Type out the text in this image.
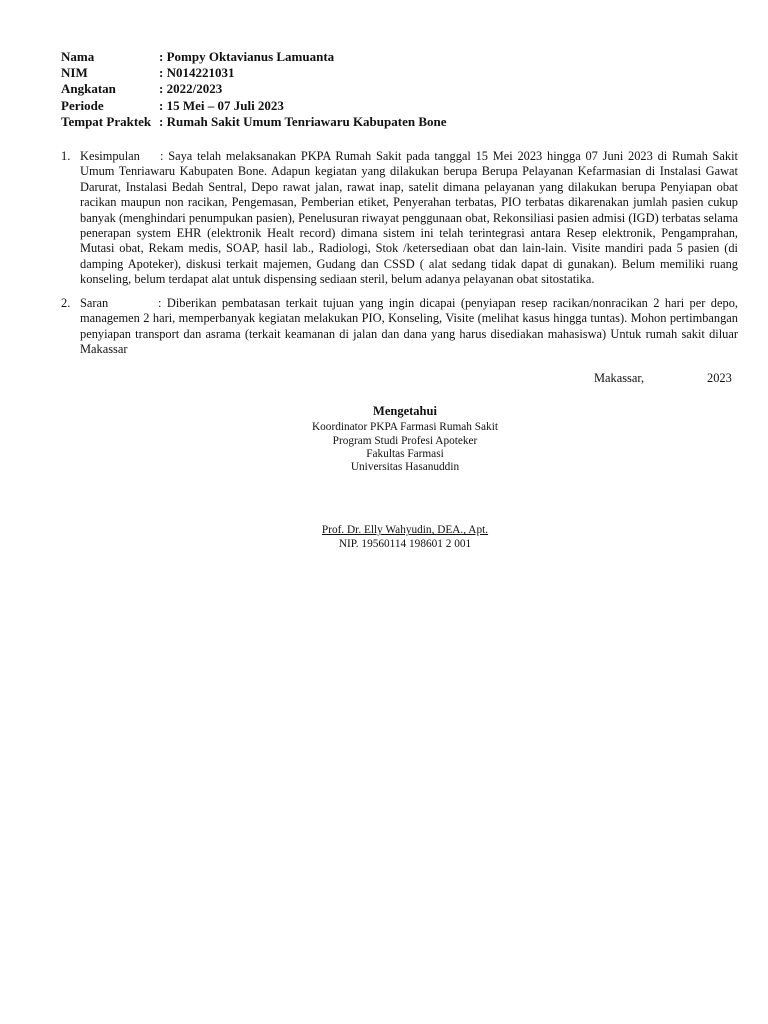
Nama	: Pompy Oktavianus Lamuanta
NIM	: N014221031
Angkatan	: 2022/2023
Periode	: 15 Mei – 07 Juli 2023
Tempat Praktek : Rumah Sakit Umum Tenriawaru Kabupaten Bone
1. Kesimpulan : Saya telah melaksanakan PKPA Rumah Sakit pada tanggal 15 Mei 2023 hingga 07 Juni 2023 di Rumah Sakit Umum Tenriawaru Kabupaten Bone. Adapun kegiatan yang dilakukan berupa Berupa Pelayanan Kefarmasian di Instalasi Gawat Darurat, Instalasi Bedah Sentral, Depo rawat jalan, rawat inap, satelit dimana pelayanan yang dilakukan berupa Penyiapan obat racikan maupun non racikan, Pengemasan, Pemberian etiket, Penyerahan terbatas, PIO terbatas dikarenakan jumlah pasien cukup banyak (menghindari penumpukan pasien), Penelusuran riwayat penggunaan obat, Rekonsiliasi pasien admisi (IGD) terbatas selama penerapan system EHR (elektronik Healt record) dimana sistem ini telah terintegrasi antara Resep elektronik, Pengamprahan, Mutasi obat, Rekam medis, SOAP, hasil lab., Radiologi, Stok /ketersediaan obat dan lain-lain. Visite mandiri pada 5 pasien (di damping Apoteker), diskusi terkait majemen, Gudang dan CSSD ( alat sedang tidak dapat di gunakan). Belum memiliki ruang konseling, belum terdapat alat untuk dispensing sediaan steril, belum adanya pelayanan obat sitostatika.
2. Saran	: Diberikan pembatasan terkait tujuan yang ingin dicapai (penyiapan resep racikan/nonracikan 2 hari per depo, managemen 2 hari, memperbanyak kegiatan melakukan PIO, Konseling, Visite (melihat kasus hingga tuntas). Mohon pertimbangan penyiapan transport dan asrama (terkait keamanan di jalan dan dana yang harus disediakan mahasiswa) Untuk rumah sakit diluar Makassar
Makassar,	2023
Mengetahui
Koordinator PKPA Farmasi Rumah Sakit
Program Studi Profesi Apoteker
Fakultas Farmasi
Universitas Hasanuddin
Prof. Dr. Elly Wahyudin, DEA., Apt.
NIP. 19560114 198601 2 001
